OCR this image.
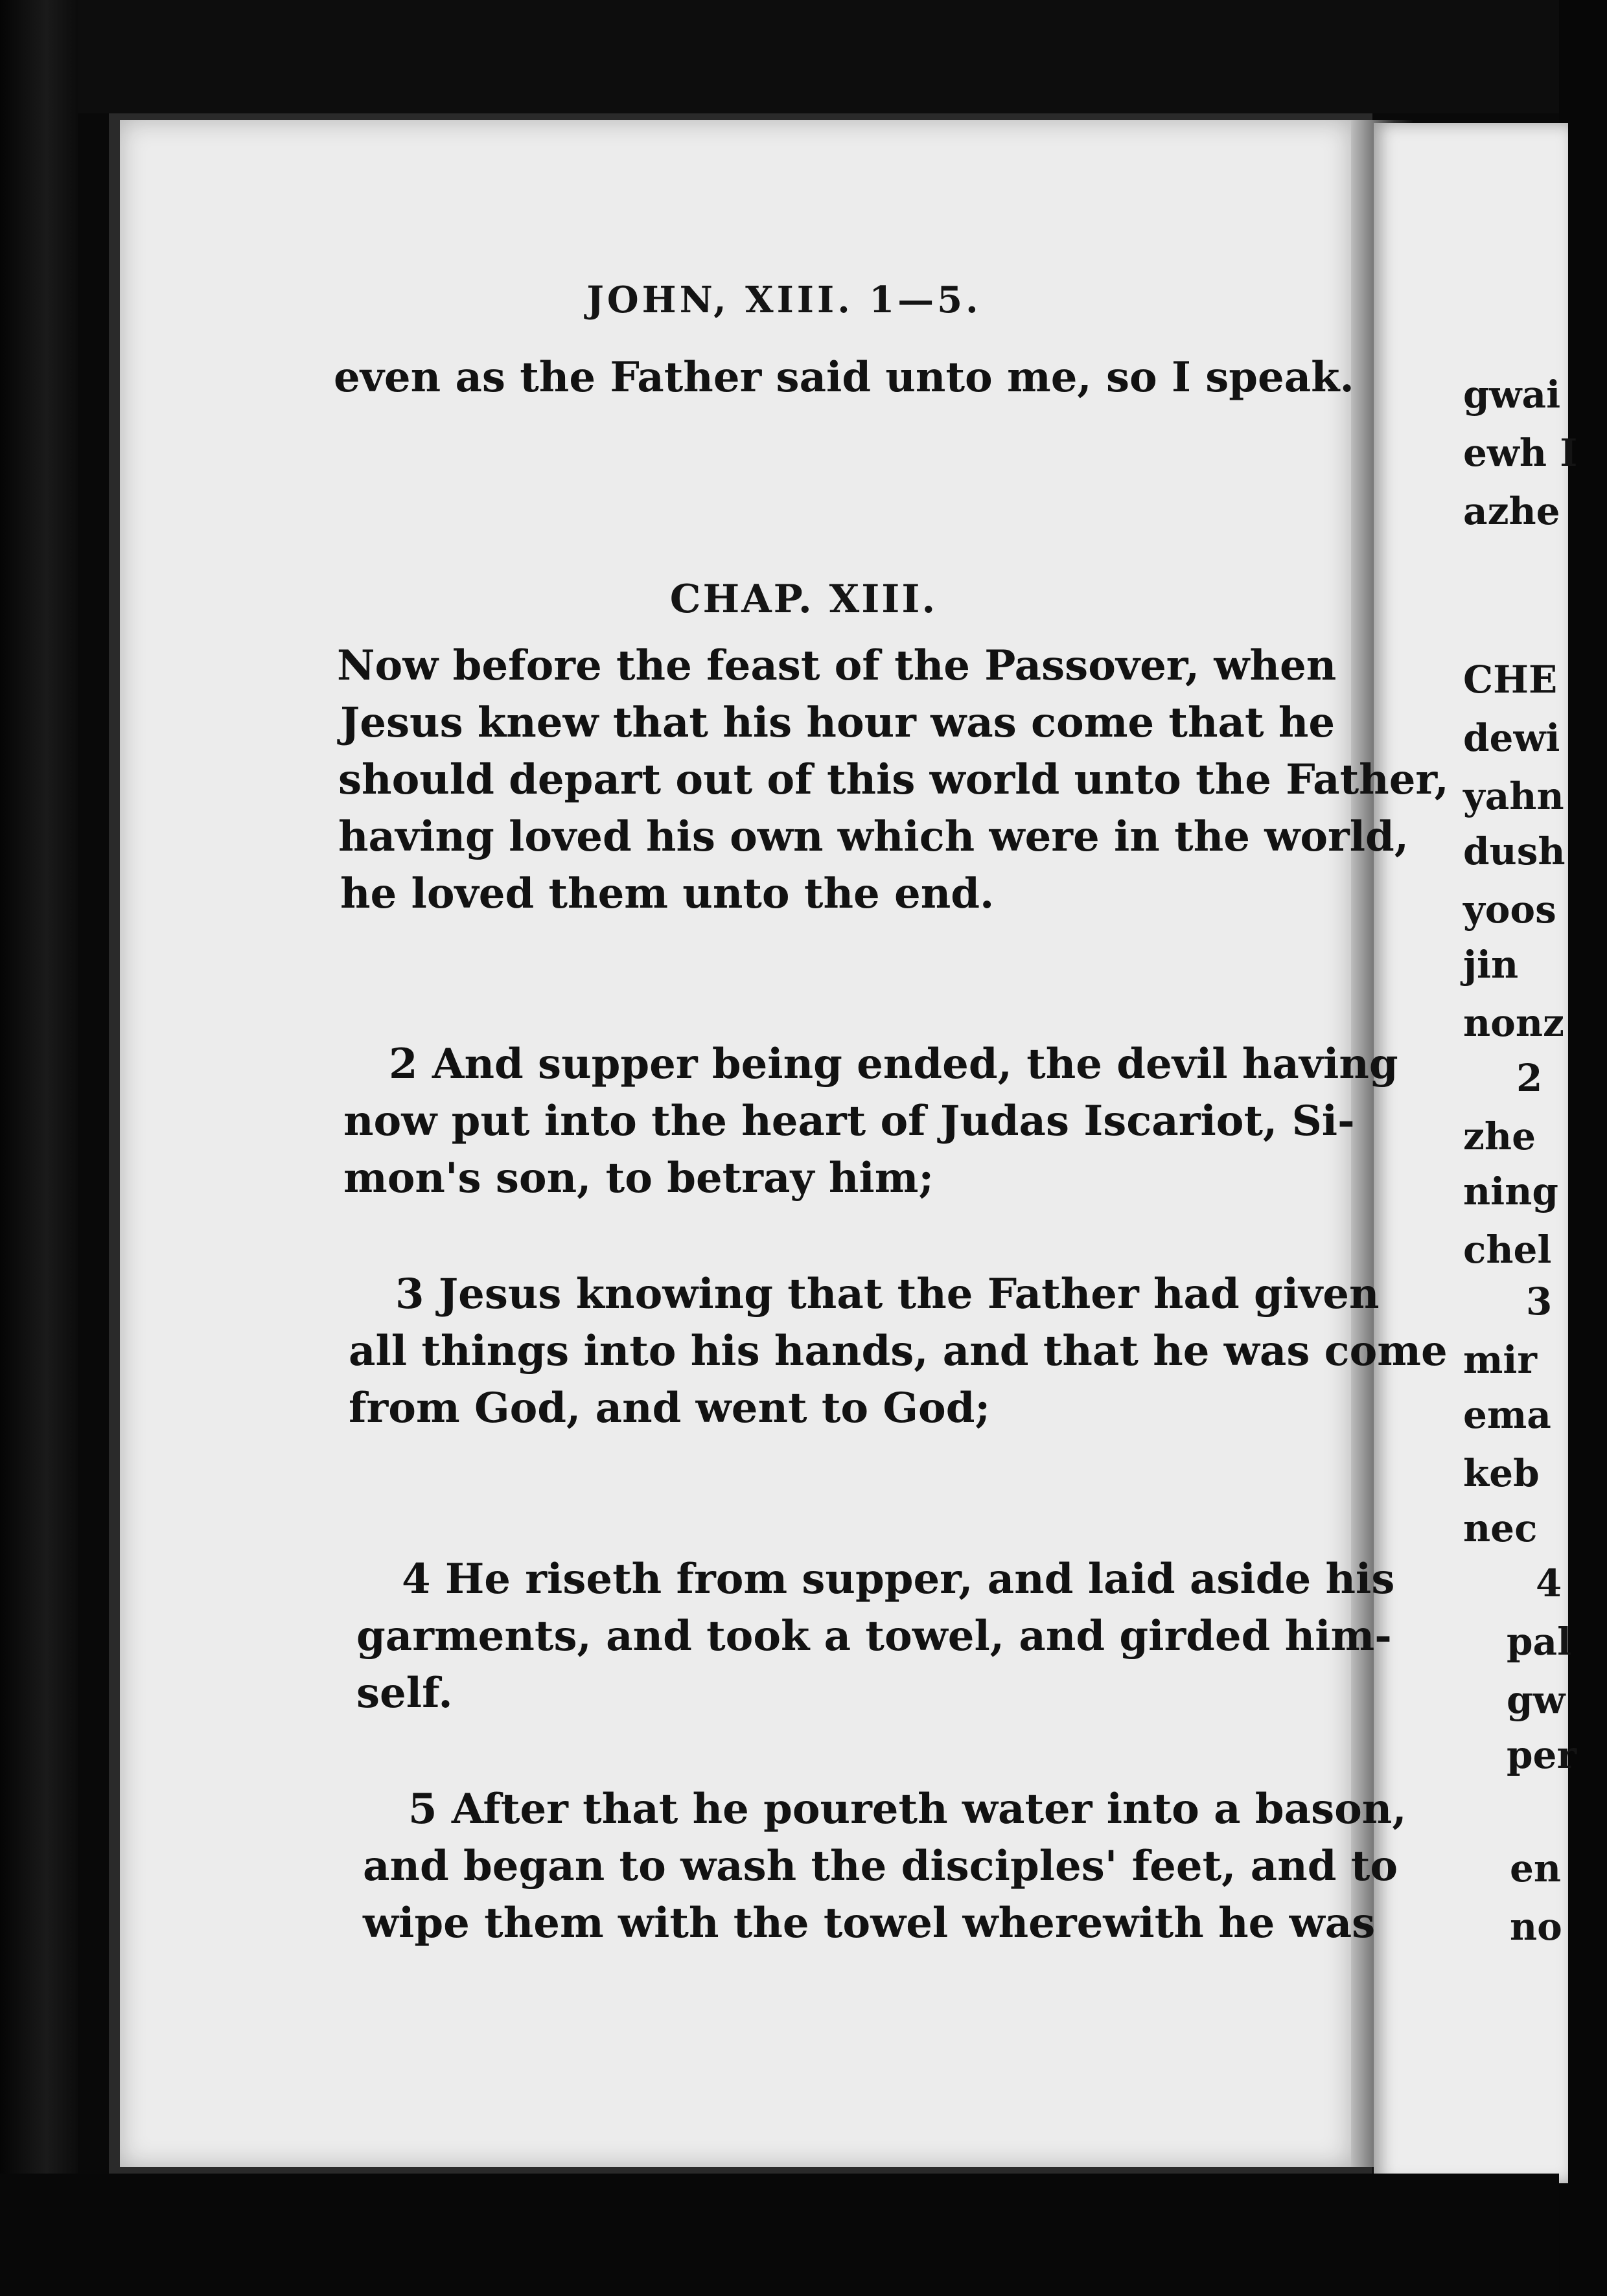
JOHN, XIII. 1—5.
even as the Father said unto me, so I speak.
CHAP. XIII.
Now before the feast of the Passover, when
Jesus knew that his hour was come that he
should depart out of this world unto the Father,
having loved his own which were in the world,
he loved them unto the end.
2 And supper being ended, the devil having
now put into the heart of Judas Iscariot, Si-
mon's son, to betray him;
3 Jesus knowing that the Father had given
all things into his hands, and that he was come
from God, and went to God;
4 He riseth from supper, and laid aside his
garments, and took a towel, and girded him-
self.
5 After that he poureth water into a bason,
and began to wash the disciples' feet, and to
wipe them with the towel wherewith he was
gwai
ewh I
azhe
CHE
dewi
yahn
dush
yoos
jin
nonz
2
zhe
ning
chel
3
mir
ema
keb
nec
4
pal
gw
per
en
no
